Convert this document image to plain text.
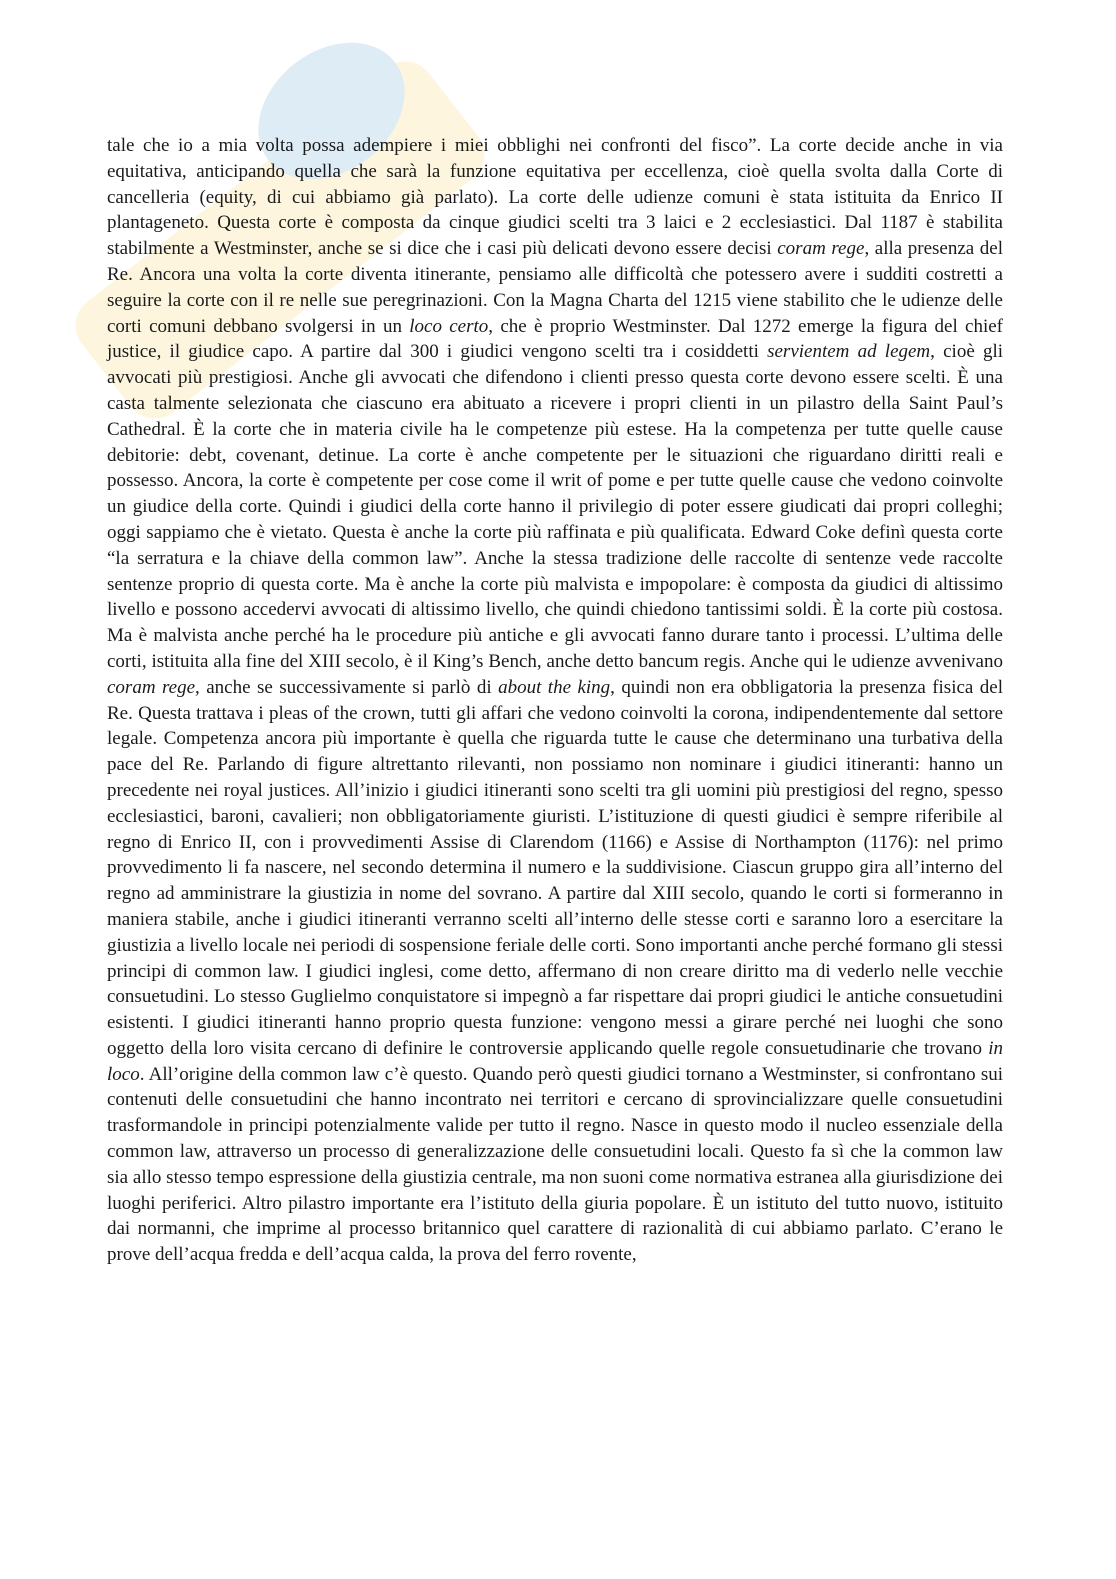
tale che io a mia volta possa adempiere i miei obblighi nei confronti del fisco”. La corte decide anche in via equitativa, anticipando quella che sarà la funzione equitativa per eccellenza, cioè quella svolta dalla Corte di cancelleria (equity, di cui abbiamo già parlato). La corte delle udienze comuni è stata istituita da Enrico II plantageneto. Questa corte è composta da cinque giudici scelti tra 3 laici e 2 ecclesiastici. Dal 1187 è stabilita stabilmente a Westminster, anche se si dice che i casi più delicati devono essere decisi coram rege, alla presenza del Re. Ancora una volta la corte diventa itinerante, pensiamo alle difficoltà che potessero avere i sudditi costretti a seguire la corte con il re nelle sue peregrinazioni. Con la Magna Charta del 1215 viene stabilito che le udienze delle corti comuni debbano svolgersi in un loco certo, che è proprio Westminster. Dal 1272 emerge la figura del chief justice, il giudice capo. A partire dal 300 i giudici vengono scelti tra i cosiddetti servientem ad legem, cioè gli avvocati più prestigiosi. Anche gli avvocati che difendono i clienti presso questa corte devono essere scelti. È una casta talmente selezionata che ciascuno era abituato a ricevere i propri clienti in un pilastro della Saint Paul’s Cathedral. È la corte che in materia civile ha le competenze più estese. Ha la competenza per tutte quelle cause debitorie: debt, covenant, detinue. La corte è anche competente per le situazioni che riguardano diritti reali e possesso. Ancora, la corte è competente per cose come il writ of pome e per tutte quelle cause che vedono coinvolte un giudice della corte. Quindi i giudici della corte hanno il privilegio di poter essere giudicati dai propri colleghi; oggi sappiamo che è vietato. Questa è anche la corte più raffinata e più qualificata. Edward Coke definì questa corte “la serratura e la chiave della common law”. Anche la stessa tradizione delle raccolte di sentenze vede raccolte sentenze proprio di questa corte. Ma è anche la corte più malvista e impopolare: è composta da giudici di altissimo livello e possono accedervi avvocati di altissimo livello, che quindi chiedono tantissimi soldi. È la corte più costosa. Ma è malvista anche perché ha le procedure più antiche e gli avvocati fanno durare tanto i processi. L’ultima delle corti, istituita alla fine del XIII secolo, è il King’s Bench, anche detto bancum regis. Anche qui le udienze avvenivano coram rege, anche se successivamente si parlò di about the king, quindi non era obbligatoria la presenza fisica del Re. Questa trattava i pleas of the crown, tutti gli affari che vedono coinvolti la corona, indipendentemente dal settore legale. Competenza ancora più importante è quella che riguarda tutte le cause che determinano una turbativa della pace del Re. Parlando di figure altrettanto rilevanti, non possiamo non nominare i giudici itineranti: hanno un precedente nei royal justices. All’inizio i giudici itineranti sono scelti tra gli uomini più prestigiosi del regno, spesso ecclesiastici, baroni, cavalieri; non obbligatoriamente giuristi. L’istituzione di questi giudici è sempre riferibile al regno di Enrico II, con i provvedimenti Assise di Clarendom (1166) e Assise di Northampton (1176): nel primo provvedimento li fa nascere, nel secondo determina il numero e la suddivisione. Ciascun gruppo gira all’interno del regno ad amministrare la giustizia in nome del sovrano. A partire dal XIII secolo, quando le corti si formeranno in maniera stabile, anche i giudici itineranti verranno scelti all’interno delle stesse corti e saranno loro a esercitare la giustizia a livello locale nei periodi di sospensione feriale delle corti. Sono importanti anche perché formano gli stessi principi di common law. I giudici inglesi, come detto, affermano di non creare diritto ma di vederlo nelle vecchie consuetudini. Lo stesso Guglielmo conquistatore si impegnò a far rispettare dai propri giudici le antiche consuetudini esistenti. I giudici itineranti hanno proprio questa funzione: vengono messi a girare perché nei luoghi che sono oggetto della loro visita cercano di definire le controversie applicando quelle regole consuetudinarie che trovano in loco. All’origine della common law c’è questo. Quando però questi giudici tornano a Westminster, si confrontano sui contenuti delle consuetudini che hanno incontrato nei territori e cercano di sprovincializzare quelle consuetudini trasformandole in principi potenzialmente valide per tutto il regno. Nasce in questo modo il nucleo essenziale della common law, attraverso un processo di generalizzazione delle consuetudini locali. Questo fa sì che la common law sia allo stesso tempo espressione della giustizia centrale, ma non suoni come normativa estranea alla giurisdizione dei luoghi periferici. Altro pilastro importante era l’istituto della giuria popolare. È un istituto del tutto nuovo, istituito dai normanni, che imprime al processo britannico quel carattere di razionalità di cui abbiamo parlato. C’erano le prove dell’acqua fredda e dell’acqua calda, la prova del ferro rovente,
